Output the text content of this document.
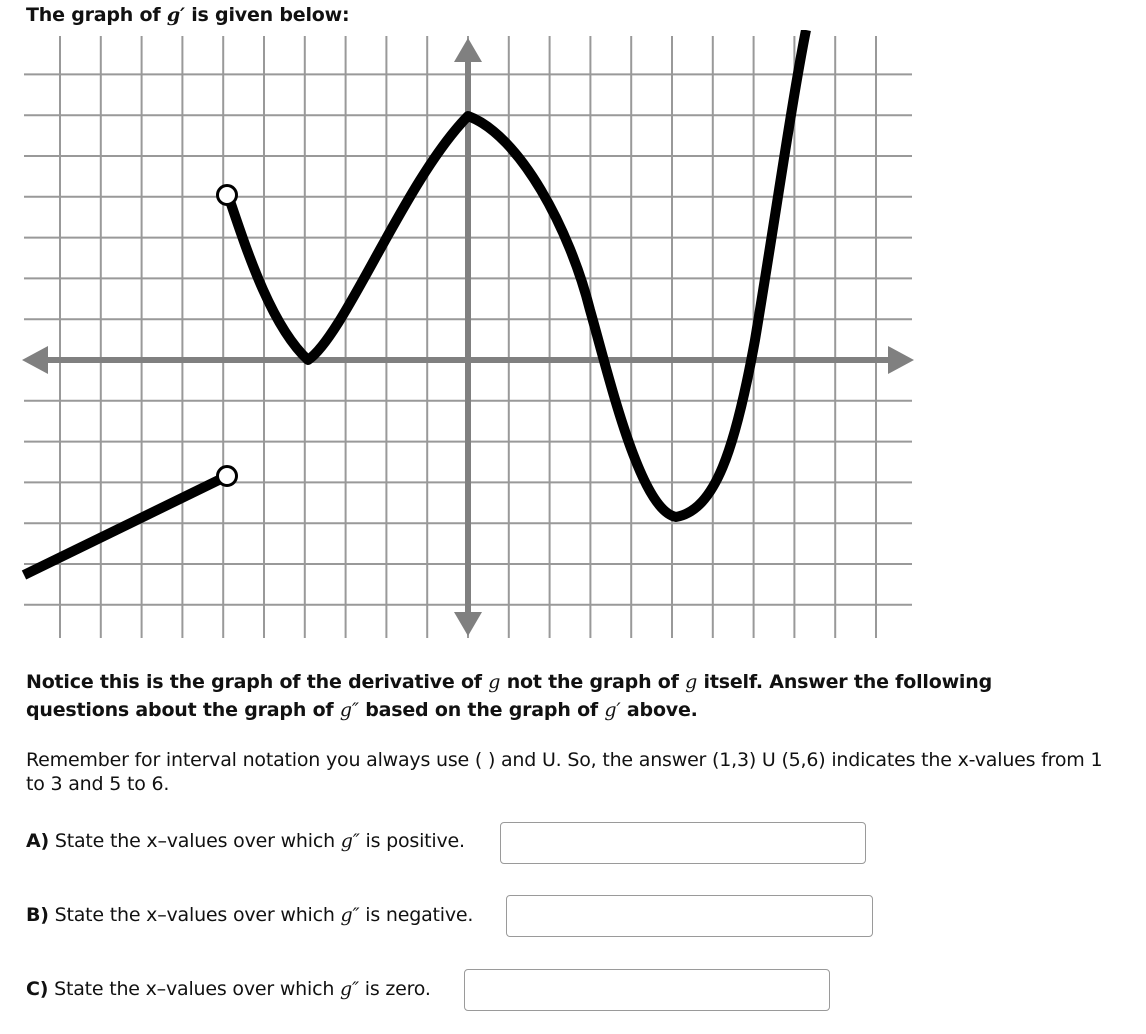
The graph of g′ is given below:
Notice this is the graph of the derivative of g not the graph of g itself. Answer the following questions about the graph of g″ based on the graph of g′ above.
Remember for interval notation you always use ( ) and U. So, the answer (1,3) U (5,6) indicates the x-values from 1 to 3 and 5 to 6.
A) State the x–values over which g″ is positive.
B) State the x–values over which g″ is negative.
C) State the x–values over which g″ is zero.
